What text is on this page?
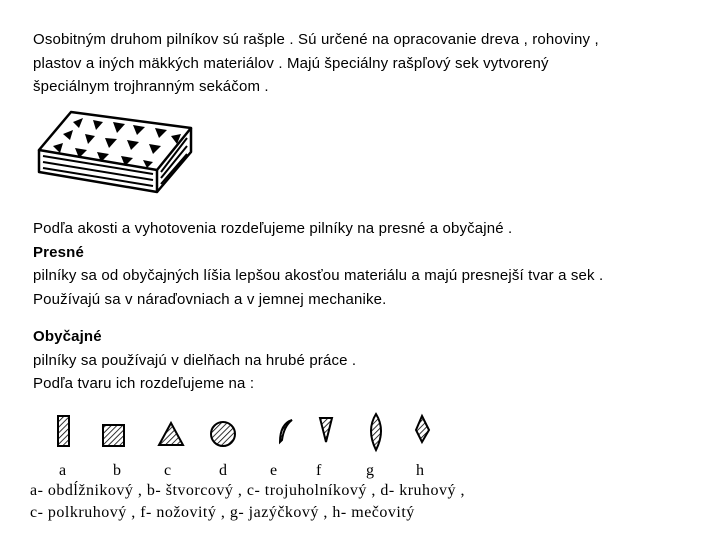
Osobitným druhom pilníkov sú rašple . Sú určené na opracovanie dreva , rohoviny ,
plastov a iných mäkkých materiálov . Majú špeciálny rašpľový sek vytvorený
špeciálnym trojhranným sekáčom .
Podľa akosti a vyhotovenia rozdeľujeme pilníky na presné a obyčajné .
Presné
pilníky sa od obyčajných líšia lepšou akosťou materiálu a majú presnejší tvar a sek .
Používajú sa v náraďovniach a v jemnej mechanike.
Obyčajné
pilníky sa používajú v dielňach na hrubé práce .
Podľa tvaru ich rozdeľujeme na :
a	b	c	d	e f	g	h
a- obdĺžnikový , b- štvorcový , c- trojuholníkový , d- kruhový ,
c- polkruhový , f- nožovitý , g- jazýčkový , h- mečovitý
